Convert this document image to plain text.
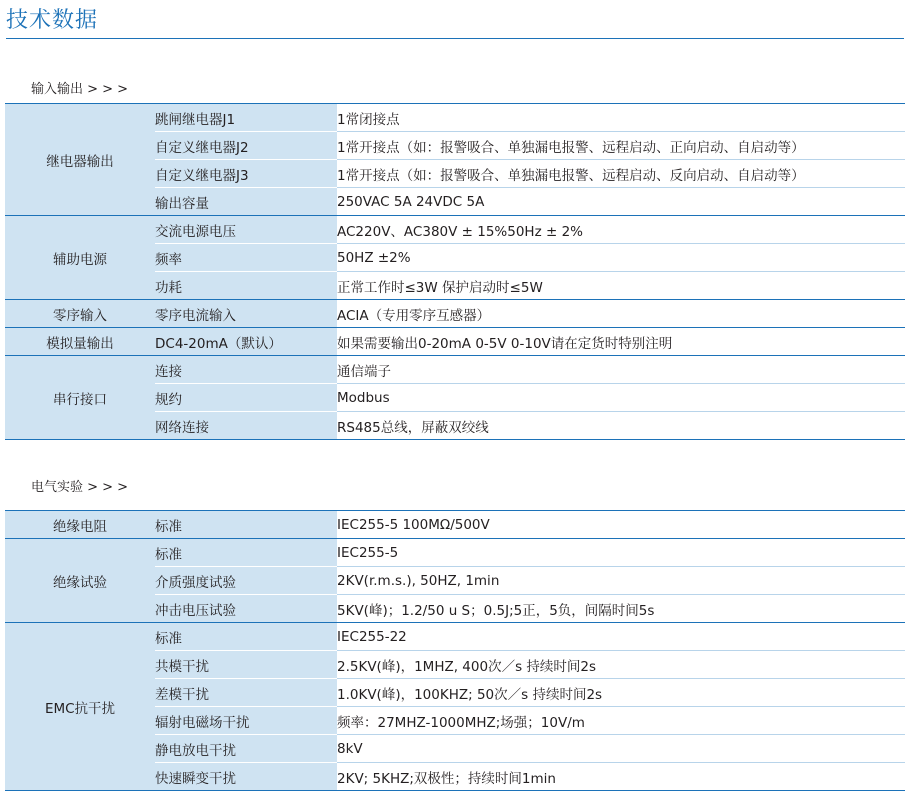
技术数据
输入输出 > > >
继电器输出	跳闸继电器J1	1常闭接点
	自定义继电器J2	1常开接点（如：报警吸合、单独漏电报警、远程启动、正向启动、自启动等）
	自定义继电器J3	1常开接点（如：报警吸合、单独漏电报警、远程启动、反向启动、自启动等）
	输出容量	250VAC 5A 24VDC 5A
辅助电源	交流电源电压	AC220V、AC380V ± 15%50Hz ± 2%
	频率	50HZ ±2%
	功耗	正常工作时≤3W 保护启动时≤5W
零序输入	零序电流输入	ACIA（专用零序互感器）
模拟量输出	DC4-20mA（默认）	如果需要输出0-20mA 0-5V 0-10V请在定货时特别注明
串行接口	连接	通信端子
	规约	Modbus
	网络连接	RS485总线，屏蔽双绞线
电气实验 > > >
绝缘电阻	标准	IEC255-5 100MΩ/500V
绝缘试验	标准	IEC255-5
	介质强度试验	2KV(r.m.s.), 50HZ, 1min
	冲击电压试验	5KV(峰)；1.2/50 u S；0.5J;5正，5负，间隔时间5s
EMC抗干扰	标准	IEC255-22
	共模干扰	2.5KV(峰)，1MHZ, 400次／s 持续时间2s
	差模干扰	1.0KV(峰)，100KHZ; 50次／s 持续时间2s
	辐射电磁场干扰	频率：27MHZ-1000MHZ;场强；10V/m
	静电放电干扰	8kV
	快速瞬变干扰	2KV; 5KHZ;双极性；持续时间1min
